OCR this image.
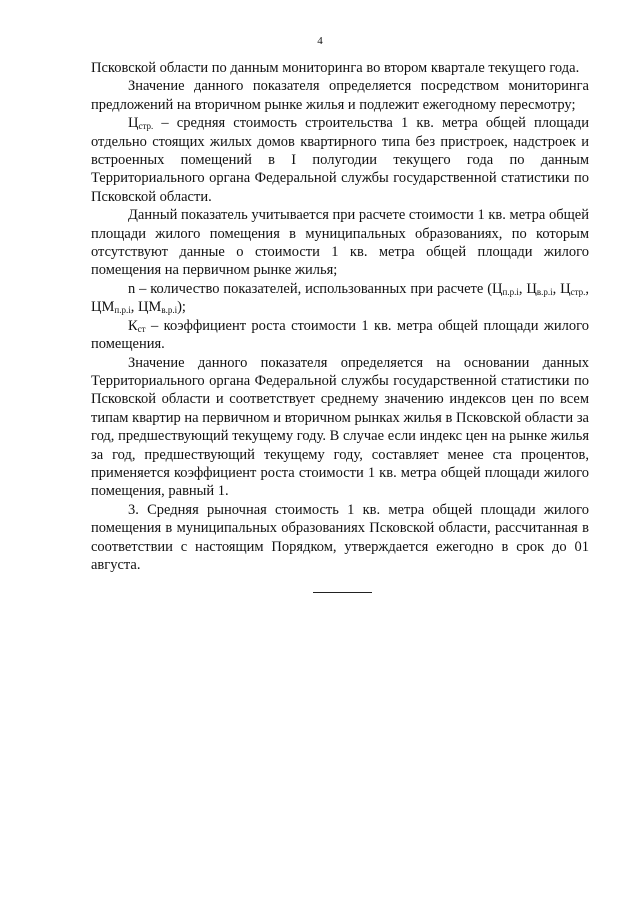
4

Псковской области по данным мониторинга во втором квартале текущего года.

Значение данного показателя определяется посредством мониторинга предложений на вторичном рынке жилья и подлежит ежегодному пересмотру;

$Ц_{стр.}$ – средняя стоимость строительства 1 кв. метра общей площади отдельно стоящих жилых домов квартирного типа без пристроек, надстроек и встроенных помещений в I полугодии текущего года по данным Территориального органа Федеральной службы государственной статистики по Псковской области.

Данный показатель учитывается при расчете стоимости 1 кв. метра общей площади жилого помещения в муниципальных образованиях, по которым отсутствуют данные о стоимости 1 кв. метра общей площади жилого помещения на первичном рынке жилья;

n – количество показателей, использованных при расчете ($Ц_{п.р.i}$, $Ц_{в.р.i}$, $Ц_{стр.}$, $ЦМ_{п.р.i}$, $ЦМ_{в.р.i}$);

$К_{ст}$ – коэффициент роста стоимости 1 кв. метра общей площади жилого помещения.

Значение данного показателя определяется на основании данных Территориального органа Федеральной службы государственной статистики по Псковской области и соответствует среднему значению индексов цен по всем типам квартир на первичном и вторичном рынках жилья в Псковской области за год, предшествующий текущему году. В случае если индекс цен на рынке жилья за год, предшествующий текущему году, составляет менее ста процентов, применяется коэффициент роста стоимости 1 кв. метра общей площади жилого помещения, равный 1.

3. Средняя рыночная стоимость 1 кв. метра общей площади жилого помещения в муниципальных образованиях Псковской области, рассчитанная в соответствии с настоящим Порядком, утверждается ежегодно в срок до 01 августа.
